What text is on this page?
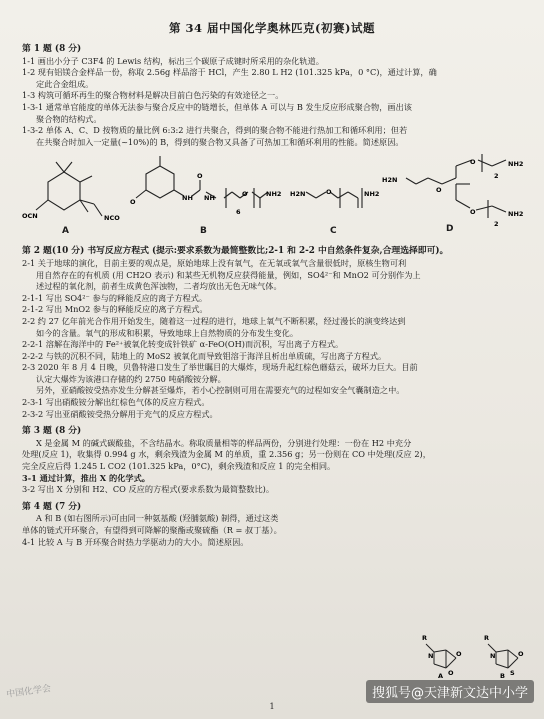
第 34 届中国化学奥林匹克(初赛)试题
第 1 题 (8 分)

1-1 画出小分子 C3F4 的 Lewis 结构，标出三个碳原子成键时所采用的杂化轨道。

1-2 现有铝镁合金样品一份，称取 2.56g 样品溶于 HCl，产生 2.80 L H2 (101.325 kPa，0 °C)，通过计算，确

定此合金组成。

1-3 构筑可循环再生的聚合物材料是解决目前白色污染的有效途径之一。

1-3-1 通常单官能度的单体无法参与聚合反应中的链增长，但单体 A 可以与 B 发生反应形成聚合物，画出该

聚合物的结构式。

1-3-2 单体 A、C、D 按物质的量比例 6:3:2 进行共聚合，得到的聚合物不能进行热加工和循环利用；但若

在共聚合时加入一定量(~10%)的 B，得到的聚合物又具备了可热加工和循环利用的性能。简述原因。

OCN	NCO
A
O	NH
O
NH	O
6
NH2
B
H2N	O	NH2
C
H2N
O
O
O
NH2
NH2
2
2
D
第 2 题(10 分) 书写反应方程式 (提示:要求系数为最简整数比;2-1 和 2-2 中自然条件复杂,合理选择即可)。

2-1 关于地球的演化，目前主要的观点是，原始地球上没有氧气，在无氧或氧气含量很低时，原核生物可利

用自然存在的有机质 (用 CH2O 表示) 和某些无机物反应获得能量，例如，SO4²⁻和 MnO2 可分别作为上

述过程的氧化剂，前者生成黄色浑浊物，二者均放出无色无味气体。

2-1-1 写出 SO4²⁻ 参与的释能反应的离子方程式。

2-1-2 写出 MnO2 参与的释能反应的离子方程式。

2-2 约 27 亿年前光合作用开始发生，随着这一过程的进行，地球上氧气不断积累，经过漫长的演变终达到

如今的含量。氧气的形成和积累，导致地球上自然物质的分布发生变化。

2-2-1 溶解在海洋中的 Fe²⁺被氧化转变成针铁矿 α-FeO(OH)而沉积，写出离子方程式。

2-2-2 与铁的沉积不同，陆地上的 MoS2 被氧化而导致钼溶于海洋且析出单质硫，写出离子方程式。

2-3 2020 年 8 月 4 日晚，贝鲁特港口发生了举世瞩目的大爆炸，现场升起红棕色蘑菇云，破坏力巨大。目前

认定大爆炸为该港口存储的约 2750 吨硝酸铵分解。

另外，亚硝酸铵受热亦发生分解甚至爆炸，若小心控制则可用在需要充气的过程如安全气囊制造之中。

2-3-1 写出硝酸铵分解出红棕色气体的反应方程式。

2-3-2 写出亚硝酸铵受热分解用于充气的反应方程式。

第 3 题 (8 分)

X 是金属 M 的碱式碳酸盐，不含结晶水。称取质量相等的样品两份，分别进行处理：一份在 H2 中充分

处理(反应 1)，收集得 0.994 g 水，剩余残渣为金属 M 的单质，重 2.356 g；另一份则在 CO 中处理(反应 2)，

完全反应后得 1.245 L CO2 (101.325 kPa，0°C)，剩余残渣和反应 1 的完全相同。

3-1 通过计算，推出 X 的化学式。

3-2 写出 X 分别和 H2、CO 反应的方程式(要求系数为最简整数比)。

第 4 题 (7 分)

A 和 B (如右图所示)可由同一种氨基酸 (羟脯氨酸) 制得，通过这类

单体的链式开环聚合，有望得到可降解的聚酯或聚硫酯（R = 叔丁基）。

4-1 比较 A 与 B 开环聚合时热力学驱动力的大小。简述原因。

R
N	O
O
A
R
N	O
S
B
中国化学会
1
搜狐号@天津新文达中小学
